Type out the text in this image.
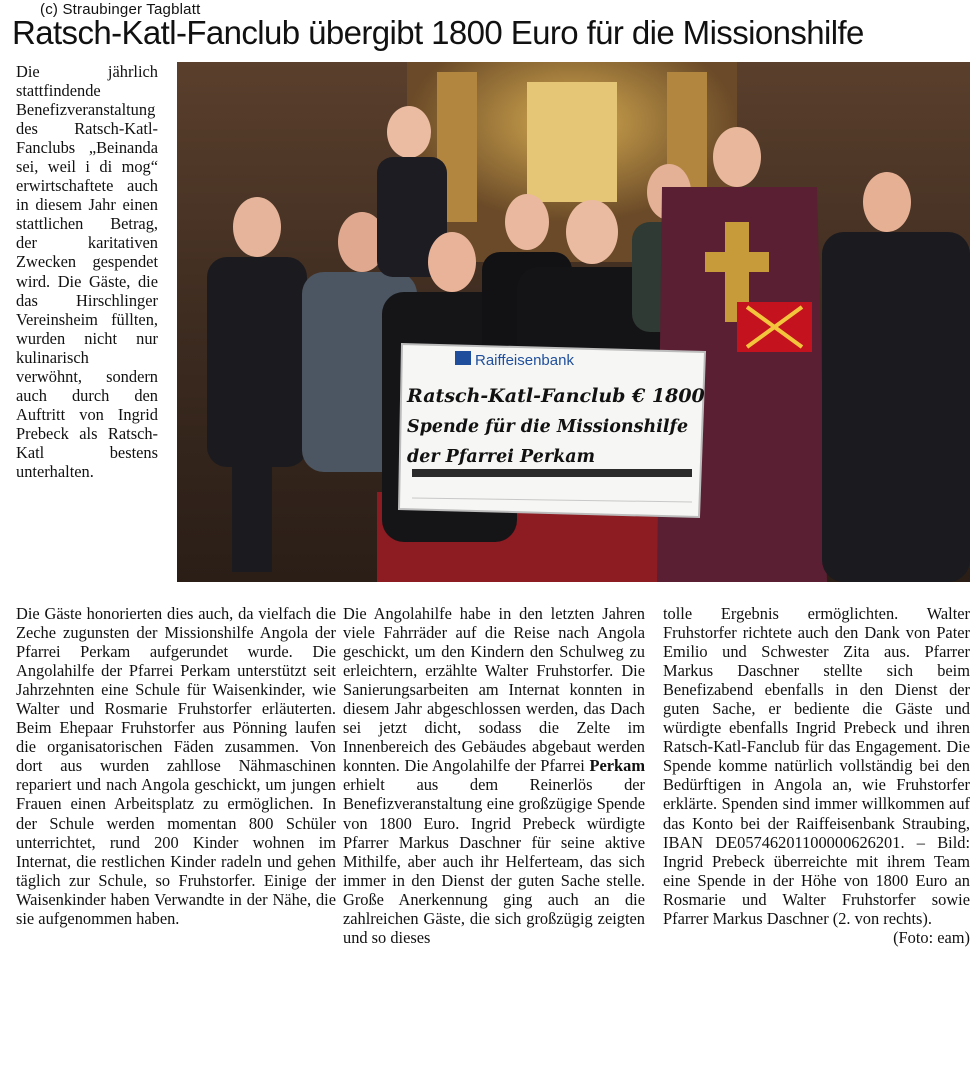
(c) Straubinger Tagblatt
Ratsch-Katl-Fanclub übergibt 1800 Euro für die Missionshilfe

Die jährlich stattfindende Benefizveranstaltung des Ratsch-Katl-Fanclubs „Beinanda sei, weil i di mog“ erwirtschaftete auch in diesem Jahr einen stattlichen Betrag, der karitativen Zwecken gespendet wird. Die Gäste, die das Hirschlinger Vereinsheim füllten, wurden nicht nur kulinarisch verwöhnt, sondern auch durch den Auftritt von Ingrid Prebeck als Ratsch-Katl bestens unterhalten.

Raiffeisenbank
Ratsch-Katl-Fanclub € 1800
Spende für die Missionshilfe
der Pfarrei Perkam

Die Gäste honorierten dies auch, da vielfach die Zeche zugunsten der Missionshilfe Angola der Pfarrei Perkam aufgerundet wurde. Die Angolahilfe der Pfarrei Perkam unterstützt seit Jahrzehnten eine Schule für Waisenkinder, wie Walter und Rosmarie Fruhstorfer erläuterten. Beim Ehepaar Fruhstorfer aus Pönning laufen die organisatorischen Fäden zusammen. Von dort aus wurden zahllose Nähmaschinen repariert und nach Angola geschickt, um jungen Frauen einen Arbeitsplatz zu ermöglichen. In der Schule werden momentan 800 Schüler unterrichtet, rund 200 Kinder wohnen im Internat, die restlichen Kinder radeln und gehen täglich zur Schule, so Fruhstorfer. Einige der Waisenkinder haben Verwandte in der Nähe, die sie aufgenommen haben.

Die Angolahilfe habe in den letzten Jahren viele Fahrräder auf die Reise nach Angola geschickt, um den Kindern den Schulweg zu erleichtern, erzählte Walter Fruhstorfer. Die Sanierungsarbeiten am Internat konnten in diesem Jahr abgeschlossen werden, das Dach sei jetzt dicht, sodass die Zelte im Innenbereich des Gebäudes abgebaut werden konnten. Die Angolahilfe der Pfarrei Perkam erhielt aus dem Reinerlös der Benefizveranstaltung eine großzügige Spende von 1800 Euro. Ingrid Prebeck würdigte Pfarrer Markus Daschner für seine aktive Mithilfe, aber auch ihr Helferteam, das sich immer in den Dienst der guten Sache stelle. Große Anerkennung ging auch an die zahlreichen Gäste, die sich großzügig zeigten und so dieses

tolle Ergebnis ermöglichten. Walter Fruhstorfer richtete auch den Dank von Pater Emilio und Schwester Zita aus. Pfarrer Markus Daschner stellte sich beim Benefizabend ebenfalls in den Dienst der guten Sache, er bediente die Gäste und würdigte ebenfalls Ingrid Prebeck und ihren Ratsch-Katl-Fanclub für das Engagement. Die Spende komme natürlich vollständig bei den Bedürftigen in Angola an, wie Fruhstorfer erklärte. Spenden sind immer willkommen auf das Konto bei der Raiffeisenbank Straubing, IBAN DE05746201100000626201. – Bild: Ingrid Prebeck überreichte mit ihrem Team eine Spende in der Höhe von 1800 Euro an Rosmarie und Walter Fruhstorfer sowie Pfarrer Markus Daschner (2. von rechts).

(Foto: eam)
